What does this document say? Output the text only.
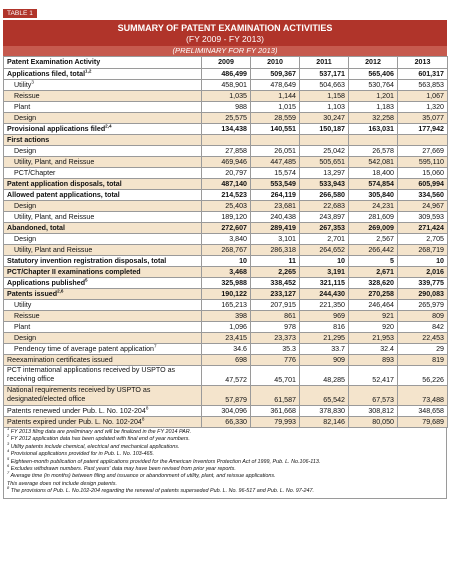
TABLE 1
SUMMARY OF PATENT EXAMINATION ACTIVITIES
(FY 2009 - FY 2013)
(PRELIMINARY FOR FY 2013)
Patent Examination Activity	2009	2010	2011	2012	2013
Applications filed, total$^{1,2}$	486,499	509,367	537,171	565,406	601,317
Utility$^3$	458,901	478,649	504,663	530,764	563,853
Reissue	1,035	1,144	1,158	1,201	1,067
Plant	988	1,015	1,103	1,183	1,320
Design	25,575	28,559	30,247	32,258	35,077
Provisional applications filed$^{2,4}$	134,438	140,551	150,187	163,031	177,942
First actions					
Design	27,858	26,051	25,042	26,578	27,669
Utility, Plant, and Reissue	469,946	447,485	505,651	542,081	595,110
PCT/Chapter	20,797	15,574	13,297	18,400	15,060
Patent application disposals, total	487,140	553,549	533,943	574,854	605,994
Allowed patent applications, total	214,523	264,119	266,580	305,840	334,560
Design	25,403	23,681	22,683	24,231	24,967
Utility, Plant, and Reissue	189,120	240,438	243,897	281,609	309,593
Abandoned, total	272,607	289,419	267,353	269,009	271,424
Design	3,840	3,101	2,701	2,567	2,705
Utility, Plant and Reissue	268,767	286,318	264,652	266,442	268,719
Statutory invention registration disposals, total	10	11	10	5	10
PCT/Chapter II examinations completed	3,468	2,265	3,191	2,671	2,016
Applications published$^5$	325,988	338,452	321,115	328,620	339,775
Patents issued$^{2,6}$	190,122	233,127	244,430	270,258	290,083
Utility	165,213	207,915	221,350	246,464	265,979
Reissue	398	861	969	921	809
Plant	1,096	978	816	920	842
Design	23,415	23,373	21,295	21,953	22,453
Pendency time of average patent application$^7$	34.6	35.3	33.7	32.4	29
Reexamination certificates issued	698	776	909	893	819
PCT international applications received by USPTO as receiving office	47,572	45,701	48,285	52,417	56,226
National requirements received by USPTO as designated/elected office	57,879	61,587	65,542	67,573	73,488
Patents renewed under Pub. L. No. $102-204^8$	304,096	361,668	378,830	308,812	348,658
Patents expired under Pub. L. No. $102-204^8$	66,330	79,993	82,146	80,050	79,689
$^1$ FY 2013 filing data are preliminary and will be finalized in the FY 2014 PAR.
$^2$ FY 2012 application data has been updated with final end of year numbers.
$^3$ Utility patents include chemical, electrical and mechanical applications.
$^4$ Provisional applications provided for in Pub. L. No. 103-465.
$^5$ Eighteen-month publication of patent applications provided for the American Inventors Protection Act of 1999, Pub. L. No.106-113.
$^6$ Excludes withdrawn numbers. Past years' data may have been revised from prior year reports.
$^7$ Average time (in months) between filing and issuance or abandonment of utility, plant, and reissue applications.
This average does not include design patents.
$^8$ The provisions of Pub. L. No.102-204 regarding the renewal of patents superseded Pub. L. No. 96-517 and Pub. L. No. 97-247.
